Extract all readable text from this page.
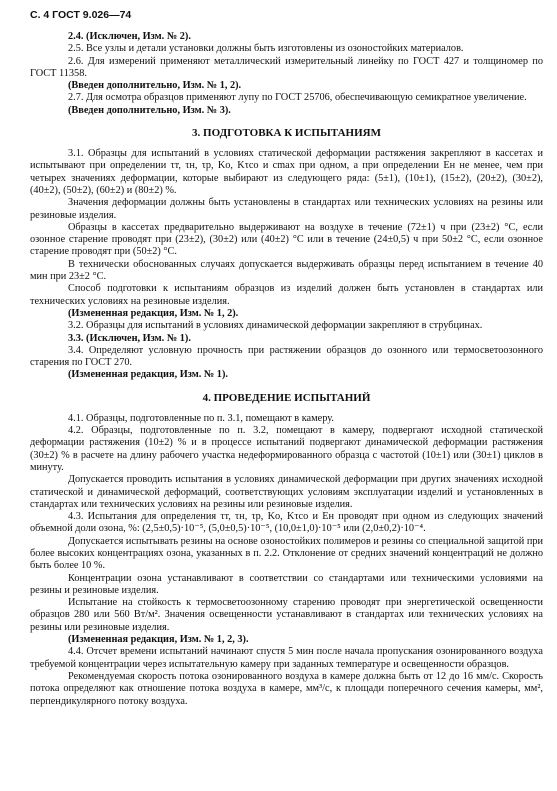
С. 4 ГОСТ 9.026—74

2.4. (Исключен, Изм. № 2).

2.5. Все узлы и детали установки должны быть изготовлены из озоностойких материалов.

2.6. Для измерений применяют металлический измерительный линейку по ГОСТ 427 и толщиномер по ГОСТ 11358.

(Введен дополнительно, Изм. № 1, 2).

2.7. Для осмотра образцов применяют лупу по ГОСТ 25706, обеспечивающую семикратное увеличение.

(Введен дополнительно, Изм. № 3).

3. ПОДГОТОВКА К ИСПЫТАНИЯМ

3.1. Образцы для испытаний в условиях статической деформации растяжения закрепляют в кассетах и испытывают при определении τт, τн, τр, Kо, Kτсо и cmax при одном, а при определении Eн не менее, чем при четырех значениях деформации, которые выбирают из следующего ряда: (5±1), (10±1), (15±2), (20±2), (30±2), (40±2), (50±2), (60±2) и (80±2) %.

Значения деформации должны быть установлены в стандартах или технических условиях на резины или резиновые изделия.

Образцы в кассетах предварительно выдерживают на воздухе в течение (72±1) ч при (23±2) °С, если озонное старение проводят при (23±2), (30±2) или (40±2) °С или в течение (24±0,5) ч при 50±2 °С, если озонное старение проводят при (50±2) °С.

В технически обоснованных случаях допускается выдерживать образцы перед испытанием в течение 40 мин при 23±2 °С.

Способ подготовки к испытаниям образцов из изделий должен быть установлен в стандартах или технических условиях на резиновые изделия.

(Измененная редакция, Изм. № 1, 2).

3.2. Образцы для испытаний в условиях динамической деформации закрепляют в струбцинах.

3.3. (Исключен, Изм. № 1).

3.4. Определяют условную прочность при растяжении образцов до озонного или термосветоозонного старения по ГОСТ 270.

(Измененная редакция, Изм. № 1).

4. ПРОВЕДЕНИЕ ИСПЫТАНИЙ

4.1. Образцы, подготовленные по п. 3.1, помещают в камеру.

4.2. Образцы, подготовленные по п. 3.2, помещают в камеру, подвергают исходной статической деформации растяжения (10±2) % и в процессе испытаний подвергают динамической деформации растяжения (30±2) % в расчете на длину рабочего участка недеформированного образца с частотой (10±1) или (30±1) циклов в минуту.

Допускается проводить испытания в условиях динамической деформации при других значениях исходной статической и динамической деформаций, соответствующих условиям эксплуатации изделий и установленных в стандартах или технических условиях на резины или резиновые изделия.

4.3. Испытания для определения τт, τн, τр, Kо, Kτсо и Eн проводят при одном из следующих значений объемной доли озона, %: (2,5±0,5)·10⁻⁵, (5,0±0,5)·10⁻⁵, (10,0±1,0)·10⁻⁵ или (2,0±0,2)·10⁻⁴.

Допускается испытывать резины на основе озоностойких полимеров и резины со специальной защитой при более высоких концентрациях озона, указанных в п. 2.2. Отклонение от средних значений концентраций не должно быть более 10 %.

Концентрации озона устанавливают в соответствии со стандартами или техническими условиями на резины и резиновые изделия.

Испытание на стойкость к термосветоозонному старению проводят при энергетической освещенности образцов 280 или 560 Вт/м². Значения освещенности устанавливают в стандартах или технических условиях на резины или резиновые изделия.

(Измененная редакция, Изм. № 1, 2, 3).

4.4. Отсчет времени испытаний начинают спустя 5 мин после начала пропускания озонированного воздуха требуемой концентрации через испытательную камеру при заданных температуре и освещенности образцов.

Рекомендуемая скорость потока озонированного воздуха в камере должна быть от 12 до 16 мм/с. Скорость потока определяют как отношение потока воздуха в камере, мм³/с, к площади поперечного сечения камеры, мм², перпендикулярного потоку воздуха.
